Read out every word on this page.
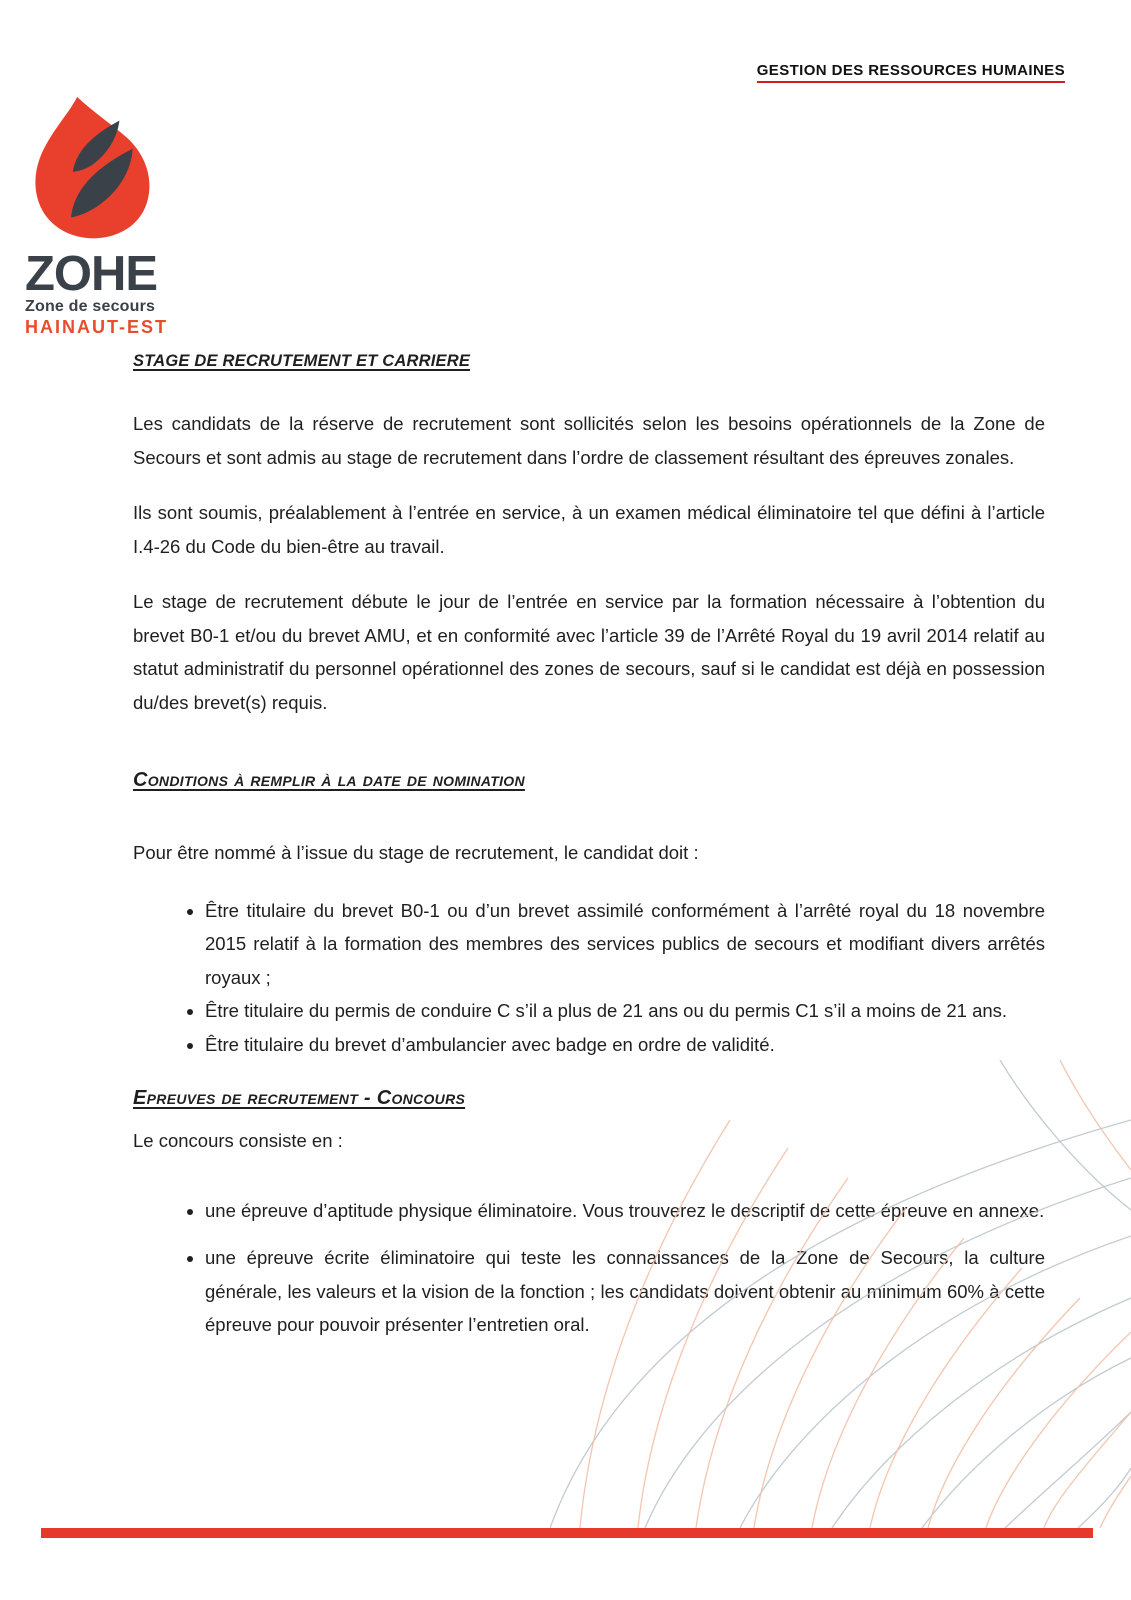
GESTION DES RESSOURCES HUMAINES
ZOHE
Zone de secours
HAINAUT-EST
STAGE DE RECRUTEMENT ET CARRIERE

Les candidats de la réserve de recrutement sont sollicités selon les besoins opérationnels de la Zone de Secours et sont admis au stage de recrutement dans l’ordre de classement résultant des épreuves zonales.

Ils sont soumis, préalablement à l’entrée en service, à un examen médical éliminatoire tel que défini à l’article I.4-26 du Code du bien-être au travail.

Le stage de recrutement débute le jour de l’entrée en service par la formation nécessaire à l’obtention du brevet B0-1 et/ou du brevet AMU, et en conformité avec l’article 39 de l’Arrêté Royal du 19 avril 2014 relatif au statut administratif du personnel opérationnel des zones de secours, sauf si le candidat est déjà en possession du/des brevet(s) requis.

Conditions à remplir à la date de nomination

Pour être nommé à l’issue du stage de recrutement, le candidat doit :

• Être titulaire du brevet B0-1 ou d’un brevet assimilé conformément à l’arrêté royal du 18 novembre 2015 relatif à la formation des membres des services publics de secours et modifiant divers arrêtés royaux ;
• Être titulaire du permis de conduire C s’il a plus de 21 ans ou du permis C1 s’il a moins de 21 ans.
• Être titulaire du brevet d’ambulancier avec badge en ordre de validité.
Epreuves de recrutement - Concours

Le concours consiste en :

• une épreuve d’aptitude physique éliminatoire. Vous trouverez le descriptif de cette épreuve en annexe.
• une épreuve écrite éliminatoire qui teste les connaissances de la Zone de Secours, la culture générale, les valeurs et la vision de la fonction ; les candidats doivent obtenir au minimum 60% à cette épreuve pour pouvoir présenter l’entretien oral.
